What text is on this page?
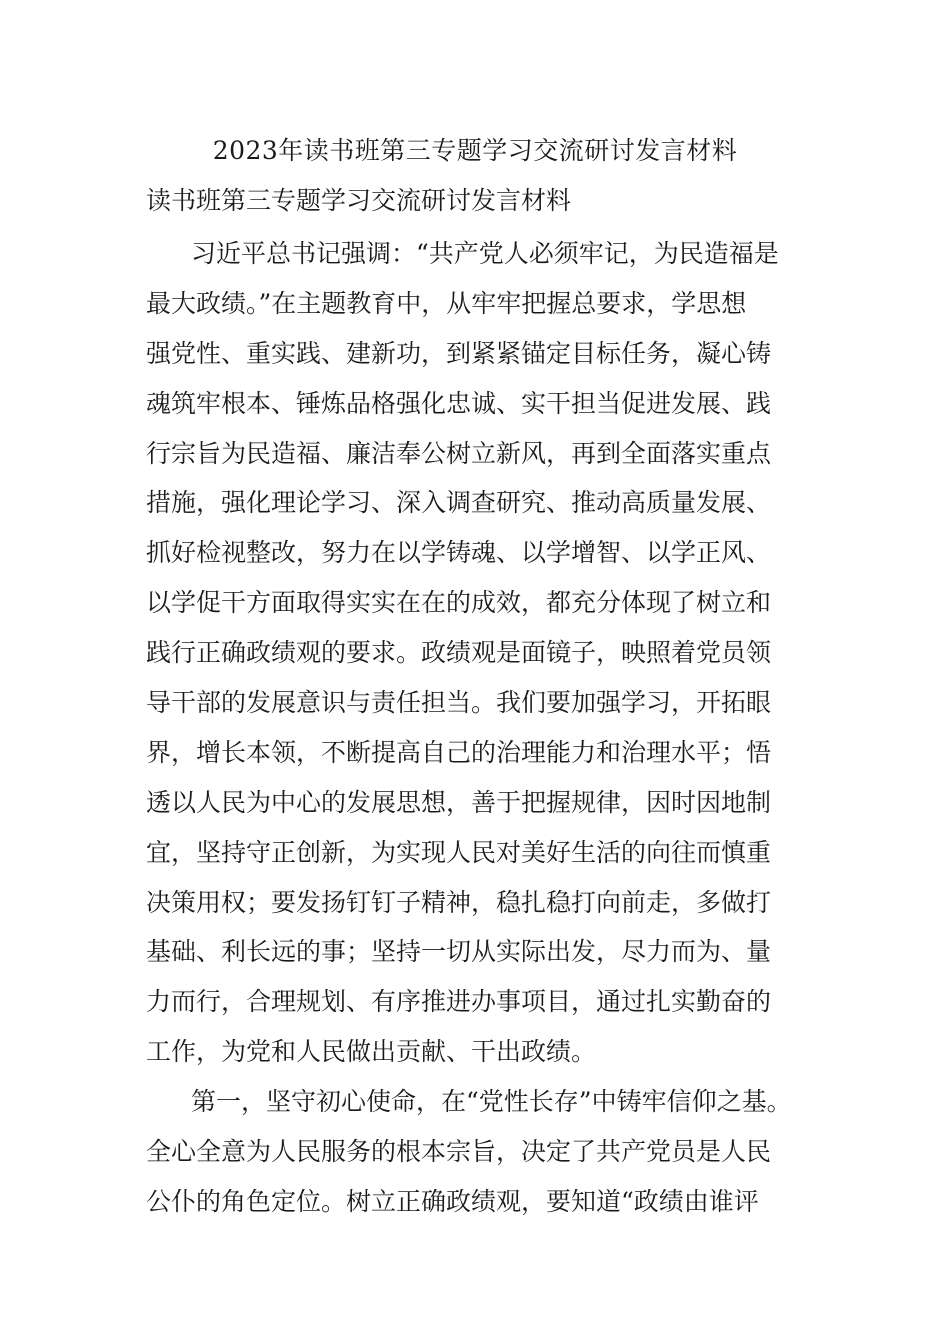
2023年读书班第三专题学习交流研讨发言材料
读书班第三专题学习交流研讨发言材料
习近平总书记强调：“共产党人必须牢记，为民造福是
最大政绩。”在主题教育中，从牢牢把握总要求，学思想
强党性、重实践、建新功，到紧紧锚定目标任务，凝心铸
魂筑牢根本、锤炼品格强化忠诚、实干担当促进发展、践
行宗旨为民造福、廉洁奉公树立新风，再到全面落实重点
措施，强化理论学习、深入调查研究、推动高质量发展、
抓好检视整改，努力在以学铸魂、以学增智、以学正风、
以学促干方面取得实实在在的成效，都充分体现了树立和
践行正确政绩观的要求。政绩观是面镜子，映照着党员领
导干部的发展意识与责任担当。我们要加强学习，开拓眼
界，增长本领，不断提高自己的治理能力和治理水平；悟
透以人民为中心的发展思想，善于把握规律，因时因地制
宜，坚持守正创新，为实现人民对美好生活的向往而慎重
决策用权；要发扬钉钉子精神，稳扎稳打向前走，多做打
基础、利长远的事；坚持一切从实际出发，尽力而为、量
力而行，合理规划、有序推进办事项目，通过扎实勤奋的
工作，为党和人民做出贡献、干出政绩。
第一，坚守初心使命，在“党性长存”中铸牢信仰之基。
全心全意为人民服务的根本宗旨，决定了共产党员是人民
公仆的角色定位。树立正确政绩观，要知道“政绩由谁评
